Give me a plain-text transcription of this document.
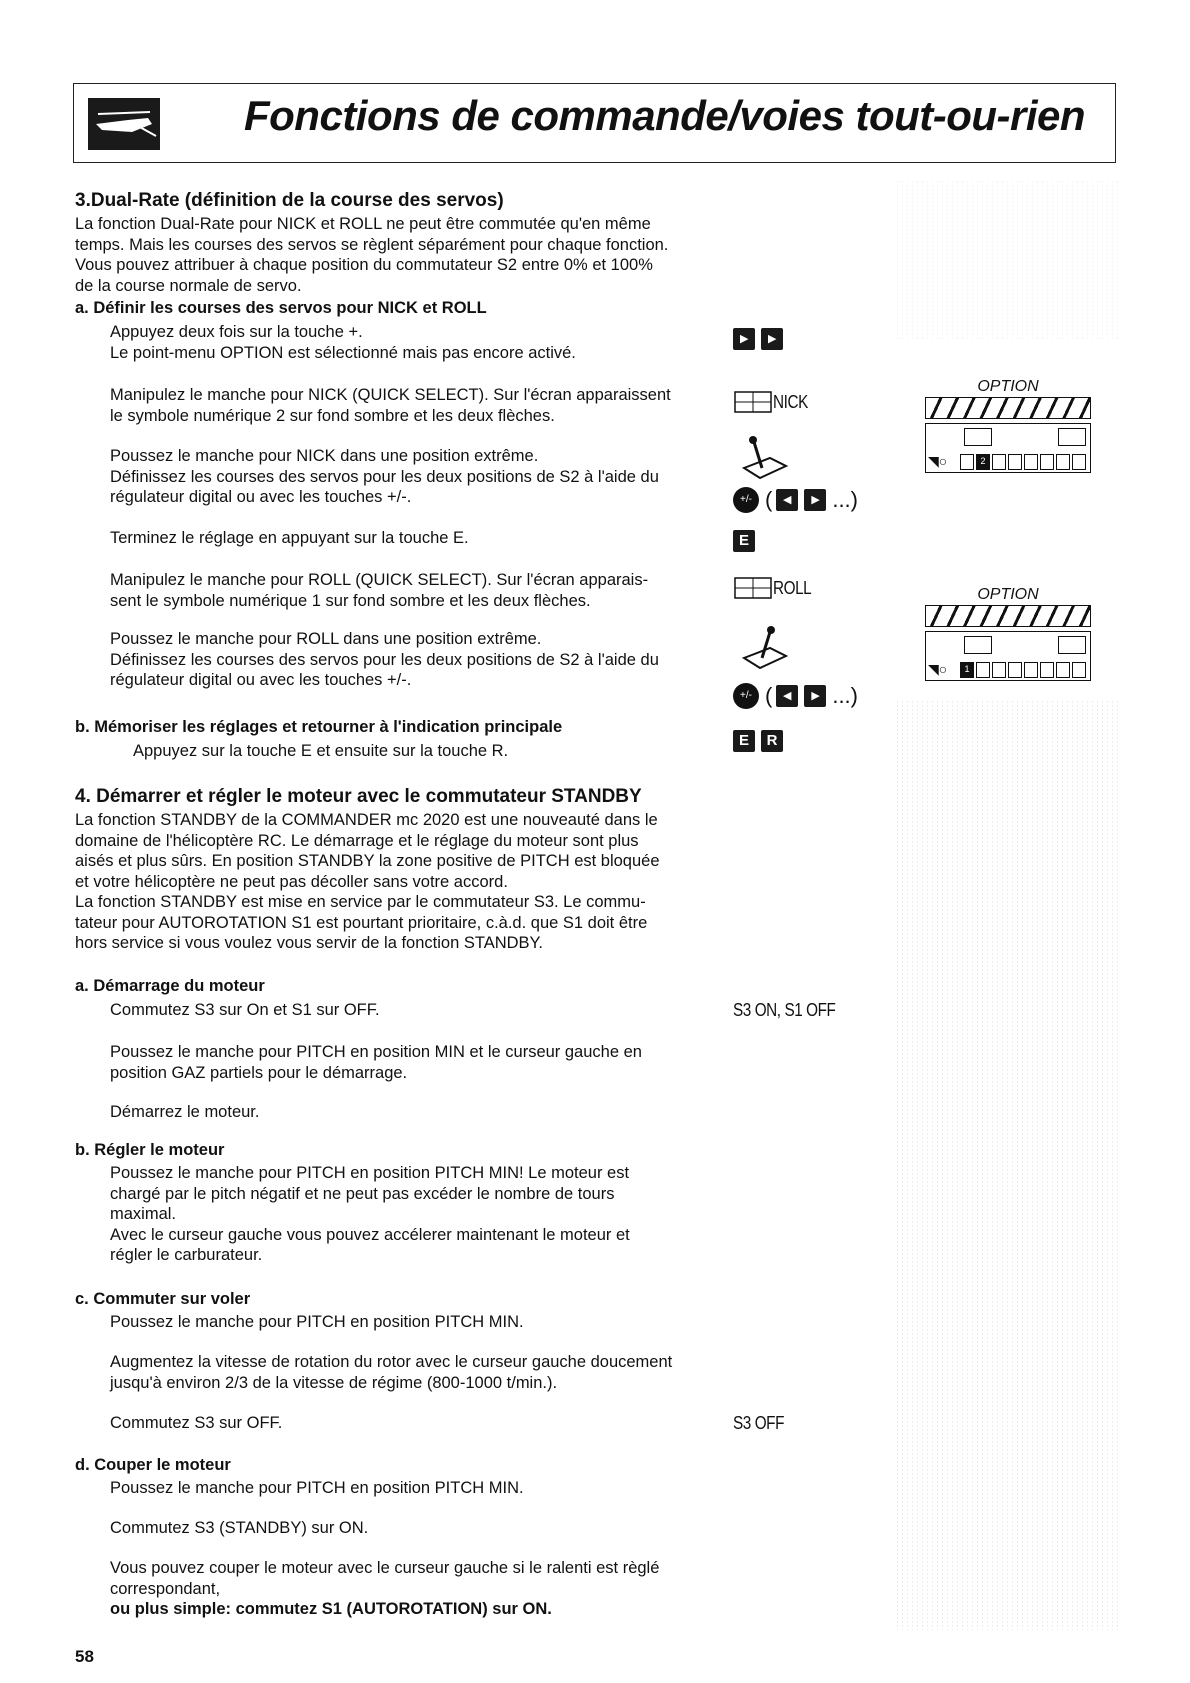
Fonctions de commande/voies tout-ou-rien
3.Dual-Rate (définition de la course des servos)
La fonction Dual-Rate pour NICK et ROLL ne peut être commutée qu'en même
temps. Mais les courses des servos se règlent séparément pour chaque fonction.
Vous pouvez attribuer à chaque position du commutateur S2 entre 0% et 100%
de la course normale de servo.
a. Définir les courses des servos pour NICK et ROLL
Appuyez deux fois sur la touche +.
Le point-menu OPTION est sélectionné mais pas encore activé.
Manipulez le manche pour NICK (QUICK SELECT). Sur l'écran apparaissent
le symbole numérique 2 sur fond sombre et les deux flèches.
Poussez le manche pour NICK dans une position extrême.
Définissez les courses des servos pour les deux positions de S2 à l'aide du
régulateur digital ou avec les touches +/-.
Terminez le réglage en appuyant sur la touche E.
Manipulez le manche pour ROLL (QUICK SELECT). Sur l'écran apparais-
sent le symbole numérique 1 sur fond sombre et les deux flèches.
Poussez le manche pour ROLL dans une position extrême.
Définissez les courses des servos pour les deux positions de S2 à l'aide du
régulateur digital ou avec les touches +/-.
b. Mémoriser les réglages et retourner à l'indication principale
Appuyez sur la touche E et ensuite sur la touche R.
4. Démarrer et régler le moteur avec le commutateur STANDBY
La fonction STANDBY de la COMMANDER mc 2020 est une nouveauté dans le
domaine de l'hélicoptère RC. Le démarrage et le réglage du moteur sont plus
aisés et plus sûrs. En position STANDBY la zone positive de PITCH est bloquée
et votre hélicoptère ne peut pas décoller sans votre accord.
La fonction STANDBY est mise en service par le commutateur S3. Le commu-
tateur pour AUTOROTATION S1 est pourtant prioritaire, c.à.d. que S1 doit être
hors service si vous voulez vous servir de la fonction STANDBY.
a. Démarrage du moteur
Commutez S3 sur On et S1 sur OFF.
Poussez le manche pour PITCH en position MIN et le curseur gauche en
position GAZ partiels pour le démarrage.
Démarrez le moteur.
b. Régler le moteur
Poussez le manche pour PITCH en position PITCH MIN! Le moteur est
chargé par le pitch négatif et ne peut pas excéder le nombre de tours
maximal.
Avec le curseur gauche vous pouvez accélerer maintenant le moteur et
régler le carburateur.
c. Commuter sur voler
Poussez le manche pour PITCH en position PITCH MIN.
Augmentez la vitesse de rotation du rotor avec le curseur gauche doucement
jusqu'à environ 2/3 de la vitesse de régime (800-1000 t/min.).
Commutez S3 sur OFF.
d. Couper le moteur
Poussez le manche pour PITCH en position PITCH MIN.
Commutez S3 (STANDBY) sur ON.
Vous pouvez couper le moteur avec le curseur gauche si le ralenti est règlé
correspondant,
ou plus simple: commutez S1 (AUTOROTATION) sur ON.
▸ ▸
NICK
+/- ( ◂	▸ ...)
E
ROLL
+/- ( ◂	▸ ...)
E R
OPTION
◥○	2
OPTION
◥○	1
S3 ON, S1 OFF
S3 OFF
58
